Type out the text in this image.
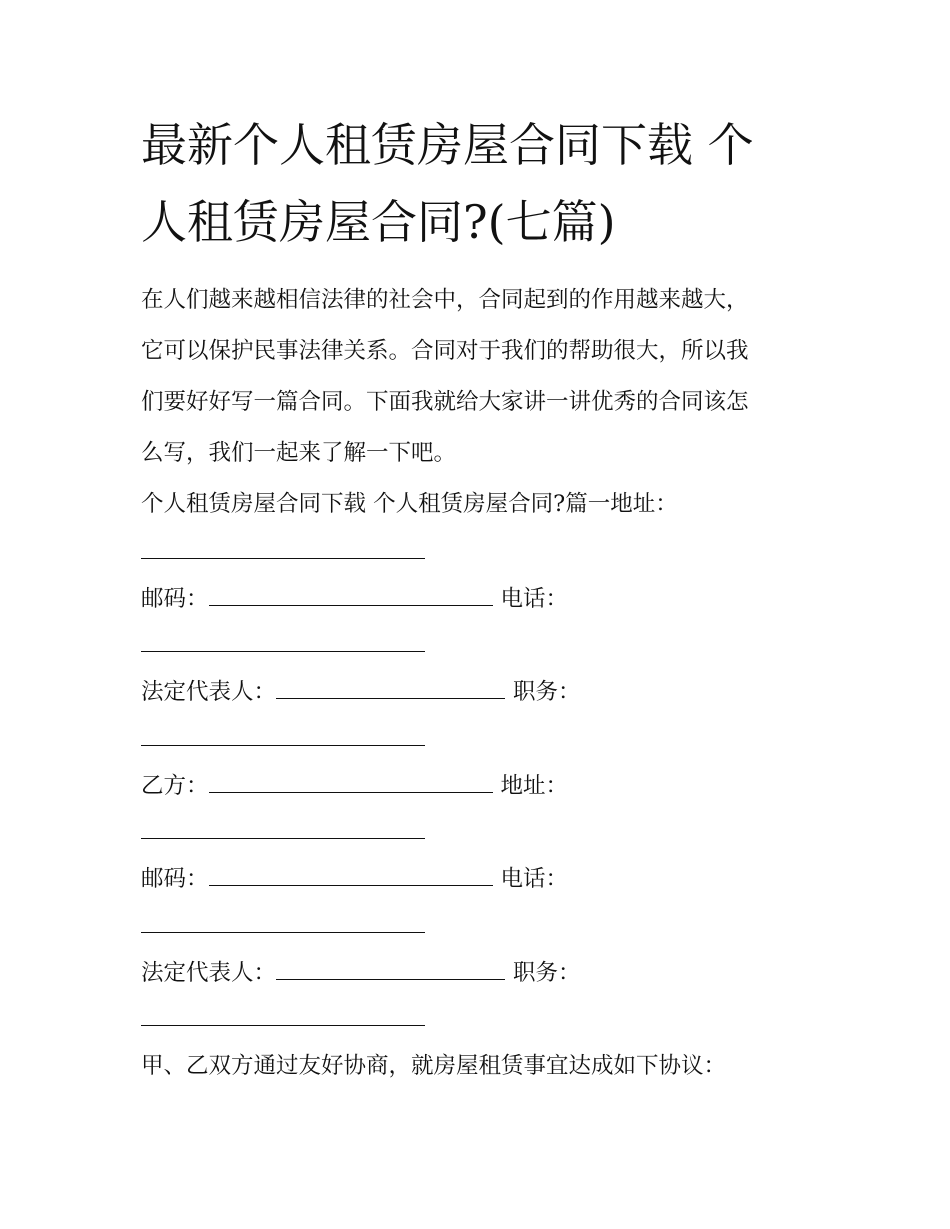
最新个人租赁房屋合同下载 个
人租赁房屋合同?(七篇)
在人们越来越相信法律的社会中，合同起到的作用越来越大，
它可以保护民事法律关系。合同对于我们的帮助很大，所以我
们要好好写一篇合同。下面我就给大家讲一讲优秀的合同该怎
么写，我们一起来了解一下吧。
个人租赁房屋合同下载 个人租赁房屋合同?篇一地址：
邮码：	电话：
法定代表人：	职务：
乙方：	地址：
邮码：	电话：
法定代表人：	职务：
甲、乙双方通过友好协商，就房屋租赁事宜达成如下协议：
